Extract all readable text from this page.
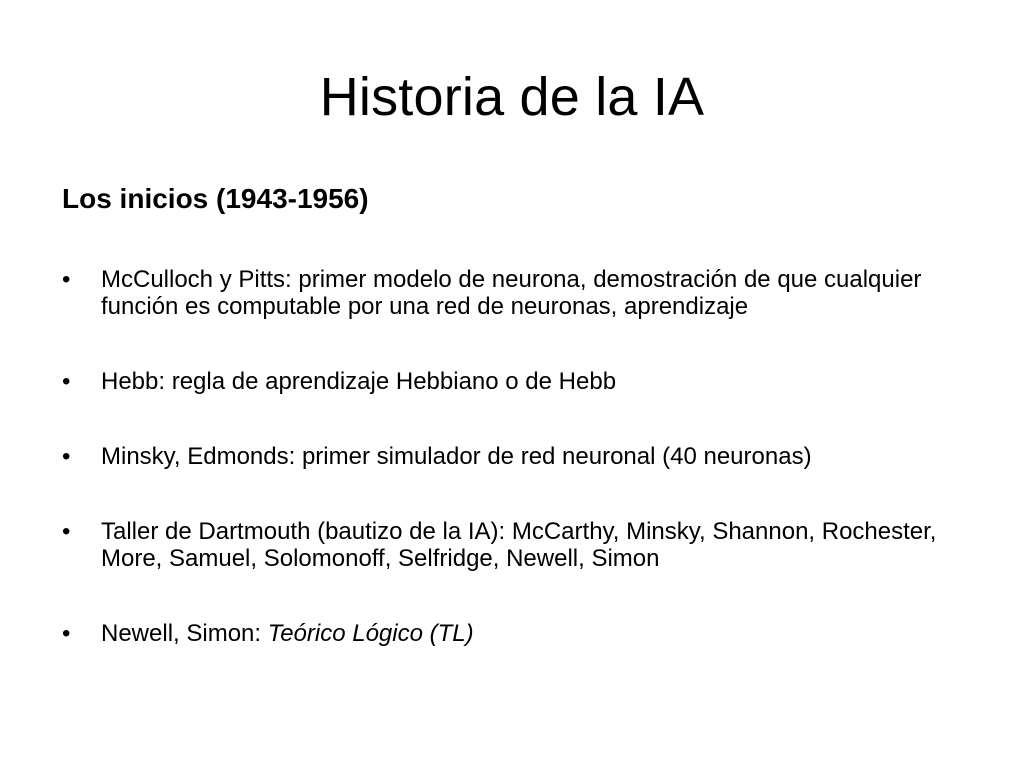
Historia de la IA
Los inicios (1943-1956)
•	McCulloch y Pitts: primer modelo de neurona, demostración de que cualquier función es computable por una red de neuronas, aprendizaje
•	Hebb: regla de aprendizaje Hebbiano o de Hebb
•	Minsky, Edmonds: primer simulador de red neuronal (40 neuronas)
•	Taller de Dartmouth (bautizo de la IA): McCarthy, Minsky, Shannon, Rochester, More, Samuel, Solomonoff, Selfridge, Newell, Simon
•	Newell, Simon: Teórico Lógico (TL)
